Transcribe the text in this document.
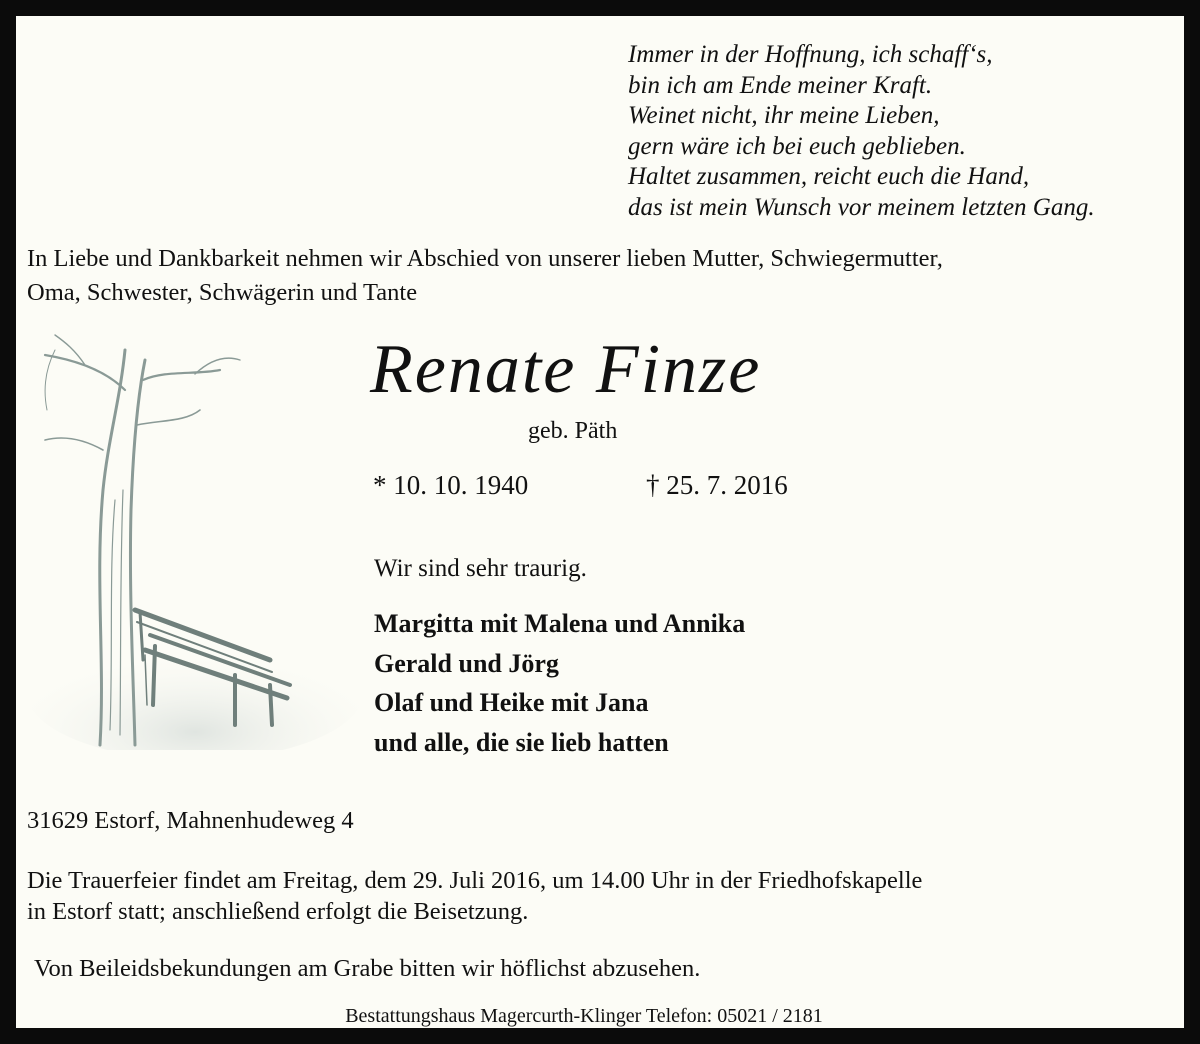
Immer in der Hoffnung, ich schaff‘s,
bin ich am Ende meiner Kraft.
Weinet nicht, ihr meine Lieben,
gern wäre ich bei euch geblieben.
Haltet zusammen, reicht euch die Hand,
das ist mein Wunsch vor meinem letzten Gang.
In Liebe und Dankbarkeit nehmen wir Abschied von unserer lieben Mutter, Schwiegermutter,
Oma, Schwester, Schwägerin und Tante
Renate Finze
geb. Päth
* 10. 10. 1940	† 25. 7. 2016
Wir sind sehr traurig.
Margitta mit Malena und Annika
Gerald und Jörg
Olaf und Heike mit Jana
und alle, die sie lieb hatten
31629 Estorf, Mahnenhudeweg 4
Die Trauerfeier findet am Freitag, dem 29. Juli 2016, um 14.00 Uhr in der Friedhofskapelle
in Estorf statt; anschließend erfolgt die Beisetzung.
Von Beileidsbekundungen am Grabe bitten wir höflichst abzusehen.
Bestattungshaus Magercurth-Klinger Telefon: 05021 / 2181
